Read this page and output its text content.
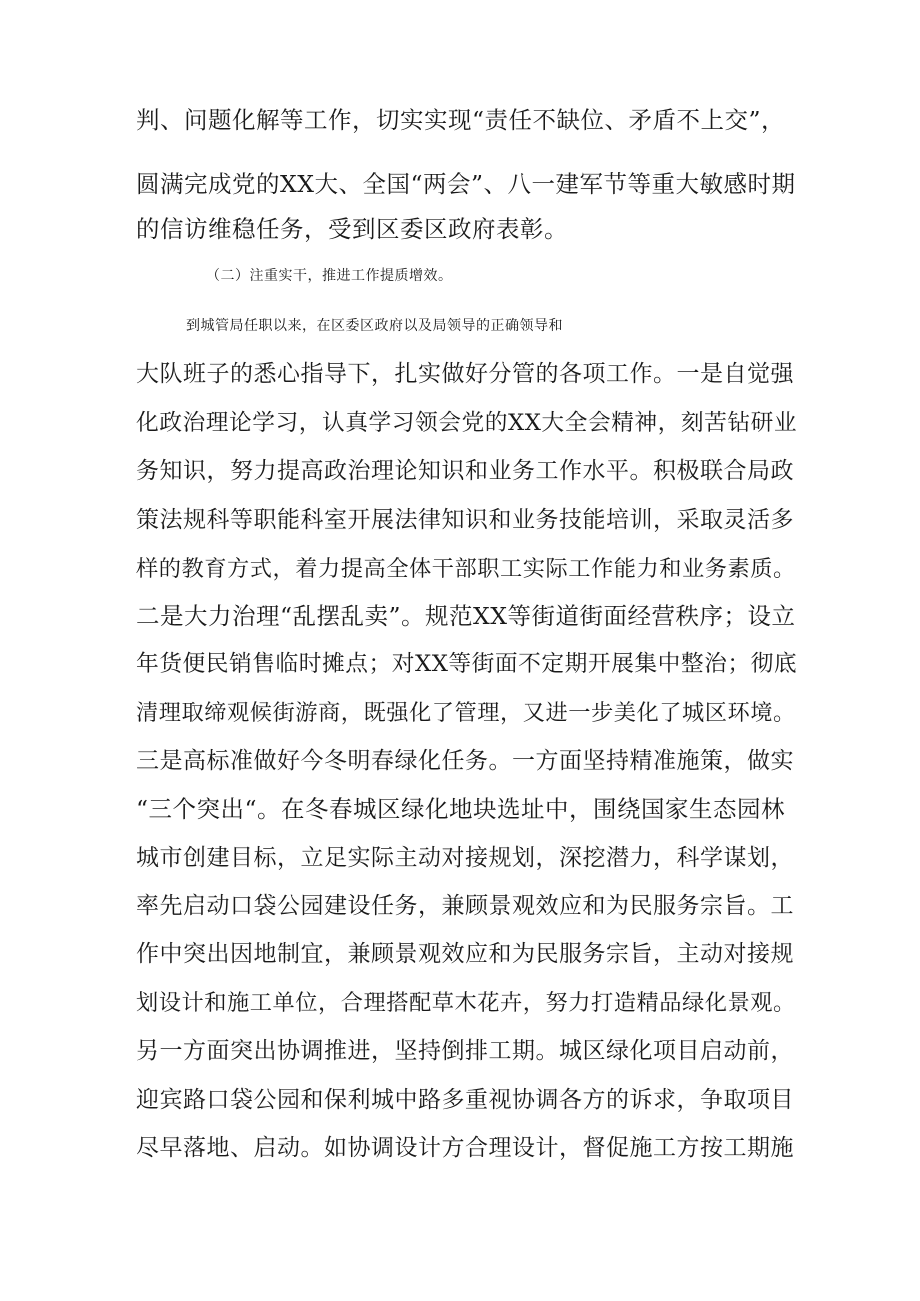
判、问题化解等工作，切实实现“责任不缺位、矛盾不上交”，
圆满完成党的XX大、全国“两会”、八一建军节等重大敏感时期
的信访维稳任务，受到区委区政府表彰。
（二）注重实干，推进工作提质增效。
到城管局任职以来，在区委区政府以及局领导的正确领导和
大队班子的悉心指导下，扎实做好分管的各项工作。一是自觉强
化政治理论学习，认真学习领会党的XX大全会精神，刻苦钻研业
务知识，努力提高政治理论知识和业务工作水平。积极联合局政
策法规科等职能科室开展法律知识和业务技能培训，采取灵活多
样的教育方式，着力提高全体干部职工实际工作能力和业务素质。
二是大力治理“乱摆乱卖”。规范XX等街道街面经营秩序；设立
年货便民销售临时摊点；对XX等街面不定期开展集中整治；彻底
清理取缔观候街游商，既强化了管理，又进一步美化了城区环境。
三是高标准做好今冬明春绿化任务。一方面坚持精准施策，做实
“三个突出“。在冬春城区绿化地块选址中，围绕国家生态园林
城市创建目标，立足实际主动对接规划，深挖潜力，科学谋划，
率先启动口袋公园建设任务，兼顾景观效应和为民服务宗旨。工
作中突出因地制宜，兼顾景观效应和为民服务宗旨，主动对接规
划设计和施工单位，合理搭配草木花卉，努力打造精品绿化景观。
另一方面突出协调推进，坚持倒排工期。城区绿化项目启动前，
迎宾路口袋公园和保利城中路多重视协调各方的诉求，争取项目
尽早落地、启动。如协调设计方合理设计，督促施工方按工期施
